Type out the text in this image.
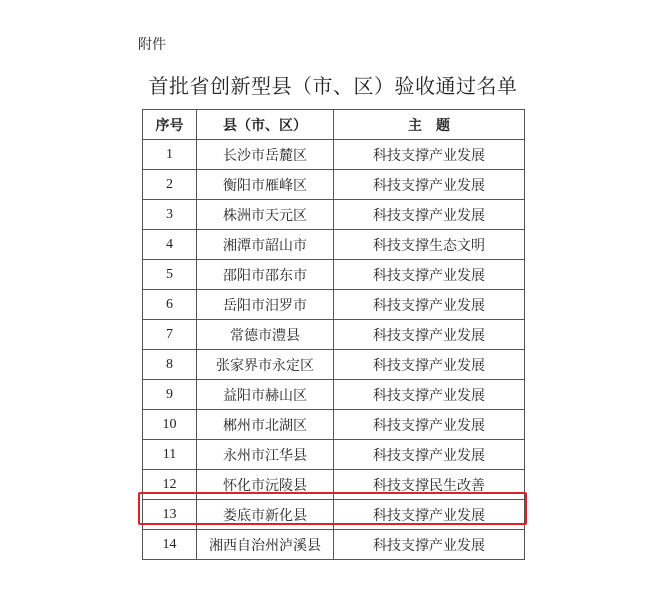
附件
首批省创新型县（市、区）验收通过名单
序号	县（市、区）	主　题
1	长沙市岳麓区	科技支撑产业发展
2	衡阳市雁峰区	科技支撑产业发展
3	株洲市天元区	科技支撑产业发展
4	湘潭市韶山市	科技支撑生态文明
5	邵阳市邵东市	科技支撑产业发展
6	岳阳市汨罗市	科技支撑产业发展
7	常德市澧县	科技支撑产业发展
8	张家界市永定区	科技支撑产业发展
9	益阳市赫山区	科技支撑产业发展
10	郴州市北湖区	科技支撑产业发展
11	永州市江华县	科技支撑产业发展
12	怀化市沅陵县	科技支撑民生改善
13	娄底市新化县	科技支撑产业发展
14	湘西自治州泸溪县	科技支撑产业发展
